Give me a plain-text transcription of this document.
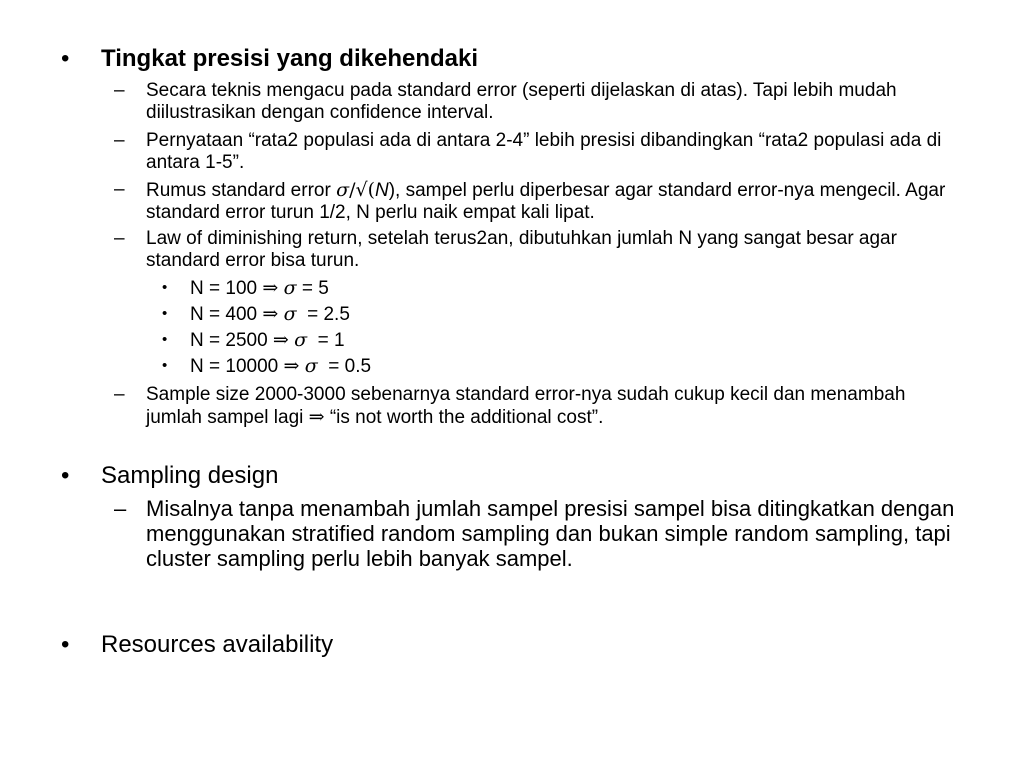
•	Tingkat presisi yang dikehendaki
– Secara teknis mengacu pada standard error (seperti dijelaskan di atas). Tapi lebih mudah diilustrasikan dengan confidence interval.
– Pernyataan “rata2 populasi ada di antara 2-4” lebih presisi dibandingkan “rata2 populasi ada di antara 1-5”.
– Rumus standard error σ/√(N), sampel perlu diperbesar agar standard error-nya mengecil. Agar standard error turun 1/2, N perlu naik empat kali lipat.
– Law of diminishing return, setelah terus2an, dibutuhkan jumlah N yang sangat besar agar standard error bisa turun.
• N = 100 ⇒ σ = 5
• N = 400 ⇒ σ = 2.5
• N = 2500 ⇒ σ = 1
• N = 10000 ⇒ σ = 0.5
– Sample size 2000-3000 sebenarnya standard error-nya sudah cukup kecil dan menambah jumlah sampel lagi ⇒ “is not worth the additional cost”.
•	Sampling design
– Misalnya tanpa menambah jumlah sampel presisi sampel bisa ditingkatkan dengan menggunakan stratified random sampling dan bukan simple random sampling, tapi cluster sampling perlu lebih banyak sampel.
•	Resources availability
